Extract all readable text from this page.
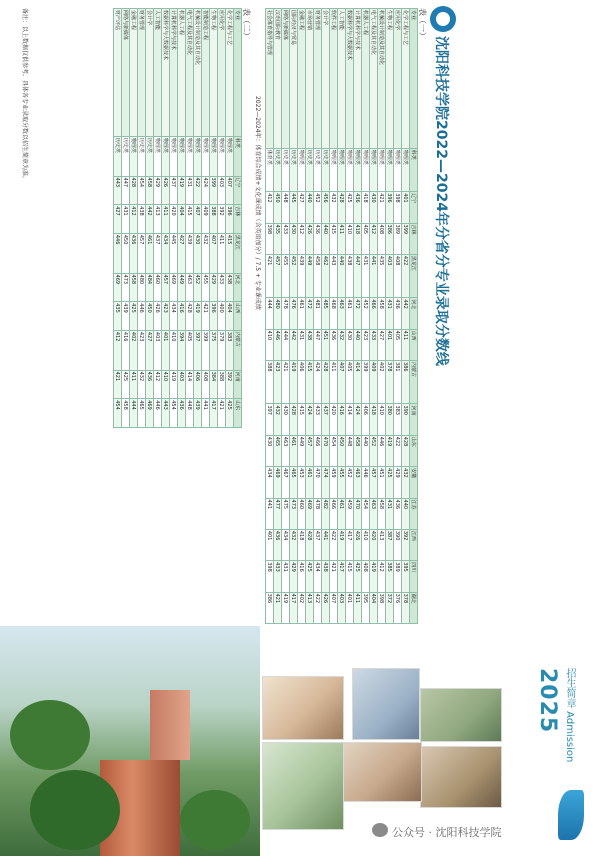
沈阳科技学院2022—2024年分省分专业录取分数线
表（一）
专业	科类	辽宁	吉林	黑龙江	河北	山西	内蒙古	河南	山东	安徽	江苏	江西	四川	湖北
化学工程与工艺	物理类	401	399	422	442	411	386	390	428	432	440	392	395	378
应用化学	物理类	398	389	408	436	405	381	383	422	429	436	390	389	376
生物工程	物理类	396	386	403	431	401	378	380	419	425	431	387	385	372
机械设计制造及其自动化	物理类	421	408	435	458	427	402	410	446	451	458	413	412	398
电气工程及其自动化	物理类	430	412	441	466	433	409	418	452	457	463	420	419	404
机器人工程	物理类	418	405	431	452	423	399	406	440	446	454	410	408	395
计算机科学与技术	物理类	436	418	447	472	440	414	424	458	463	470	426	425	411
数据科学与大数据技术	物理类	425	410	438	461	430	405	414	448	452	459	417	415	401
人工智能	物理类	428	411	440	463	432	407	416	450	455	461	419	417	403
软件工程	物理类	432	415	443	468	436	411	420	454	459	466	422	421	407
会计学	历史类	456	440	462	485	451	428	437	470	474	482	441	438	426
财务管理	历史类	452	436	458	481	447	424	433	466	470	478	437	434	422
市场营销	历史类	440	426	449	472	438	415	424	457	461	469	428	425	413
金融工程	物理类	427	412	439	461	431	406	415	449	453	460	418	416	402
国际经济与贸易	历史类	445	430	452	476	442	419	428	461	465	473	432	429	417
网络与新媒体	历史类	448	433	455	478	444	421	430	463	467	475	434	431	419
汉语国际教育	历史类	450	435	457	480	446	423	432	465	469	477	436	433	421
社会体育指导与管理	体育类	412	398	421	444	410	388	397	430	434	441	401	398	386
2022—2024年：体育综合成绩+文化课成绩（含英语加分）/ 7.5 + 专业课成绩
表（二）
专业	科类	辽宁	吉林	黑龙江	河北	山西	内蒙古	河南	山东
化学工程与工艺	物理类	407	396	415	438	404	383	392	425
应用化学	物理类	403	392	411	433	400	379	388	421
生物工程	物理类	399	388	407	429	396	375	384	417
智能制造工程	物理类	424	409	432	455	421	399	408	441
机械设计制造及其自动化	物理类	422	407	430	452	419	397	406	439
电气工程及其自动化	物理类	431	415	439	463	428	405	414	448
机器人工程	物理类	419	404	427	449	416	394	403	436
计算机科学与技术	物理类	437	420	445	469	434	410	419	454
数据科学与大数据技术	物理类	426	411	434	457	423	401	410	443
人工智能	物理类	429	413	437	460	426	403	412	446
会计学	历史类	458	442	461	484	450	427	436	469
财务管理	历史类	454	438	457	480	446	423	432	465
金融工程	物理类	428	412	436	458	425	402	411	444
网络与新媒体	历史类	447	431	450	473	439	416	425	458
财产评估	历史类	443	427	446	469	435	412	421	454
备注：以上数据仅供参考，具体各专业录取分数以招生简章为准。
2025 招生简章 Admission
公众号 · 沈阳科技学院
